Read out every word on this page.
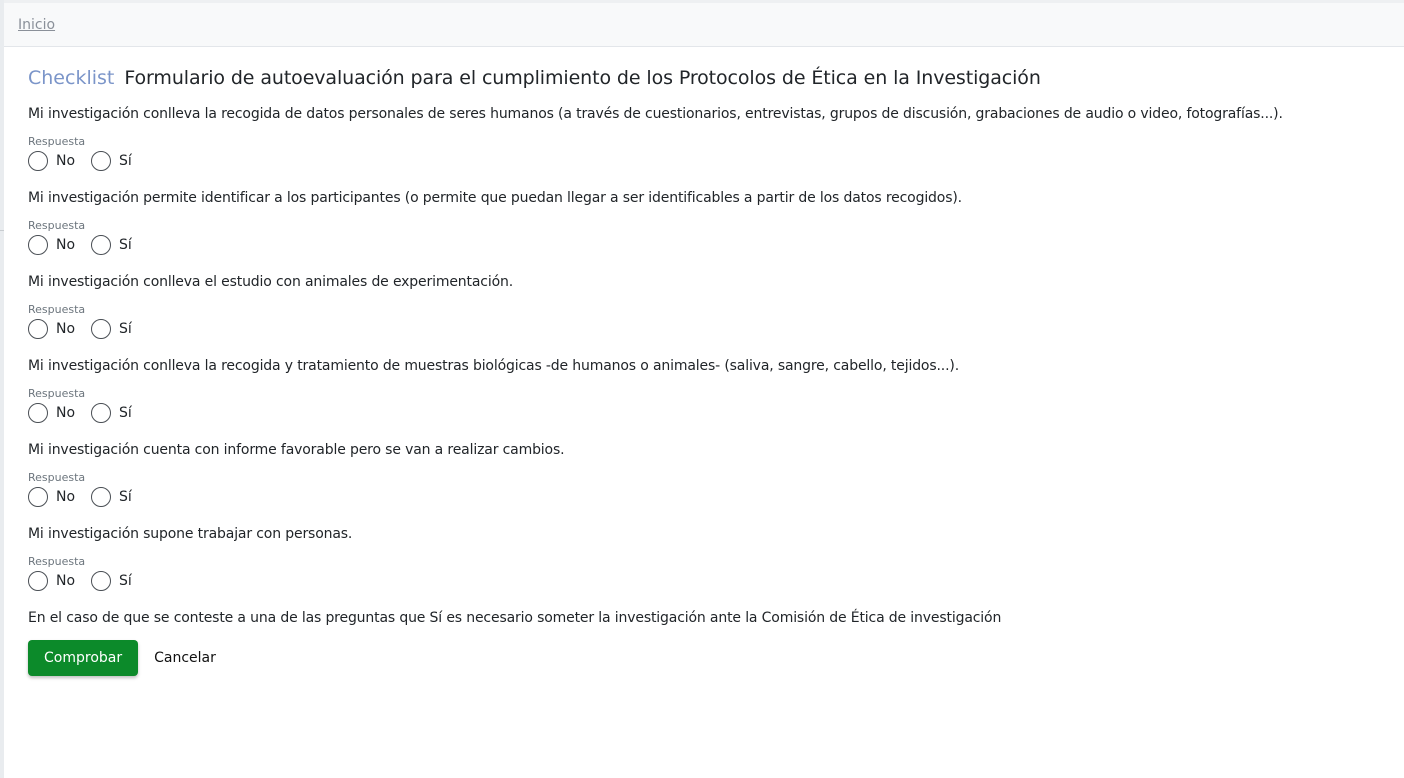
Inicio
Checklist Formulario de autoevaluación para el cumplimiento de los Protocolos de Ética en la Investigación
Mi investigación conlleva la recogida de datos personales de seres humanos (a través de cuestionarios, entrevistas, grupos de discusión, grabaciones de audio o video, fotografías...).
Respuesta
No	Sí
Mi investigación permite identificar a los participantes (o permite que puedan llegar a ser identificables a partir de los datos recogidos).
Respuesta
No	Sí
Mi investigación conlleva el estudio con animales de experimentación.
Respuesta
No	Sí
Mi investigación conlleva la recogida y tratamiento de muestras biológicas -de humanos o animales- (saliva, sangre, cabello, tejidos...).
Respuesta
No	Sí
Mi investigación cuenta con informe favorable pero se van a realizar cambios.
Respuesta
No	Sí
Mi investigación supone trabajar con personas.
Respuesta
No	Sí
En el caso de que se conteste a una de las preguntas que Sí es necesario someter la investigación ante la Comisión de Ética de investigación
Comprobar	Cancelar
